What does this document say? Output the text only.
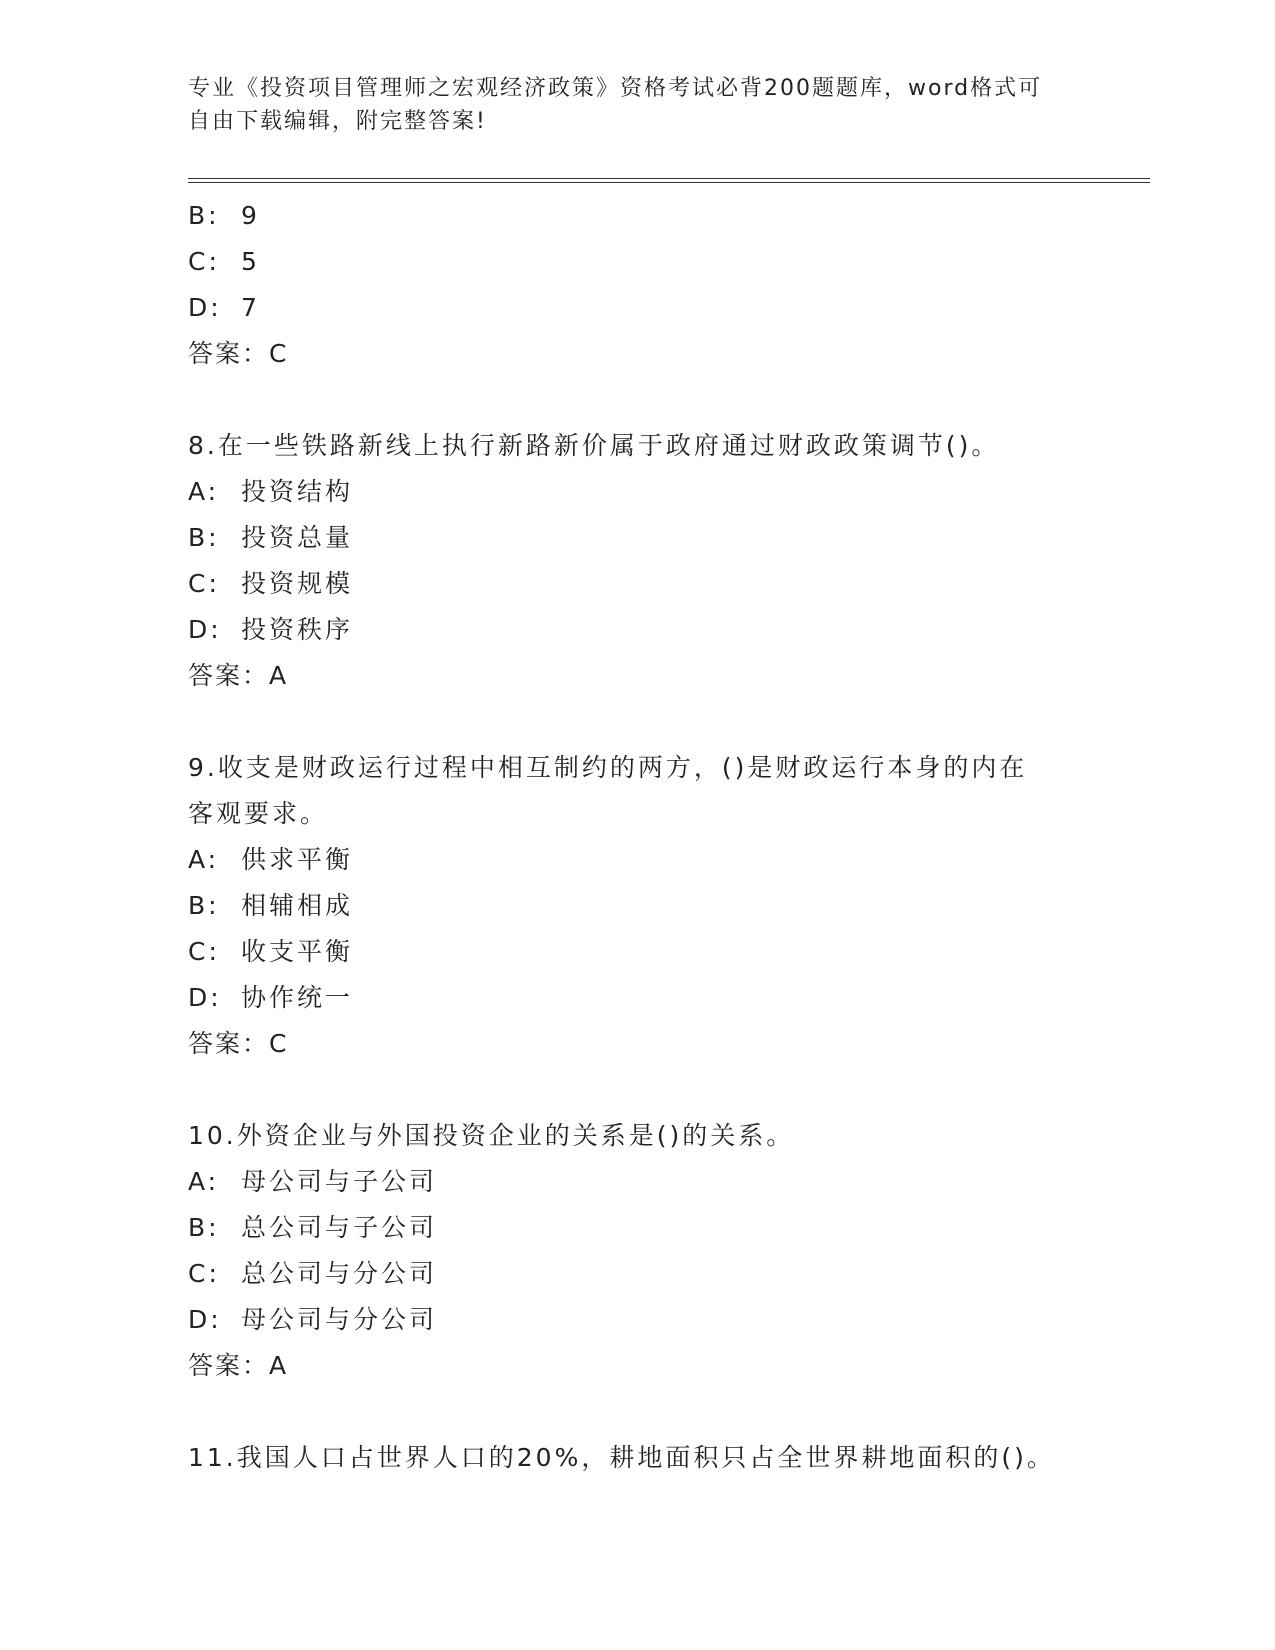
专业《投资项目管理师之宏观经济政策》资格考试必背200题题库，word格式可

自由下载编辑，附完整答案!

B: 9
C: 5
D: 7
答案：C
8.在一些铁路新线上执行新路新价属于政府通过财政政策调节()。
A: 投资结构
B: 投资总量
C: 投资规模
D: 投资秩序
答案：A
9.收支是财政运行过程中相互制约的两方，()是财政运行本身的内在
客观要求。
A: 供求平衡
B: 相辅相成
C: 收支平衡
D: 协作统一
答案：C
10.外资企业与外国投资企业的关系是()的关系。
A: 母公司与子公司
B: 总公司与子公司
C: 总公司与分公司
D: 母公司与分公司
答案：A
11.我国人口占世界人口的20%，耕地面积只占全世界耕地面积的()。
